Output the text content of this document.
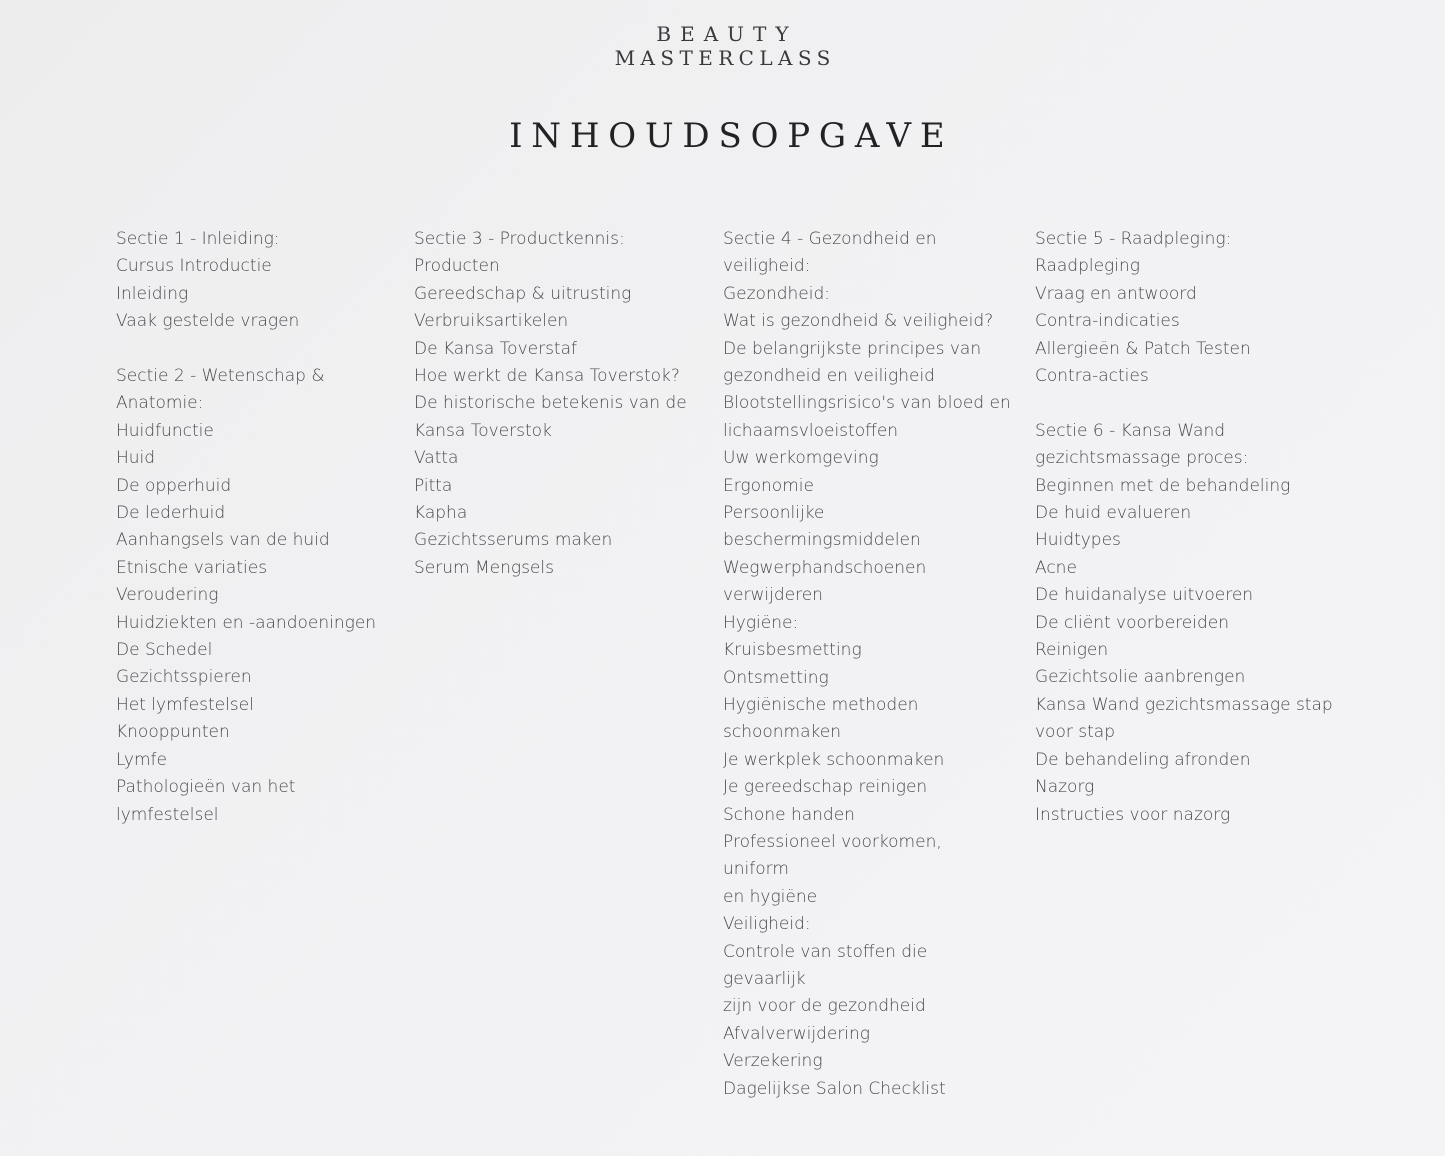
BEAUTY
MASTERCLASS
INHOUDSOPGAVE
Sectie 1 - Inleiding:
Cursus Introductie
Inleiding
Vaak gestelde vragen
Sectie 2 - Wetenschap &
Anatomie:
Huidfunctie
Huid
De opperhuid
De lederhuid
Aanhangsels van de huid
Etnische variaties
Veroudering
Huidziekten en -aandoeningen
De Schedel
Gezichtsspieren
Het lymfestelsel
Knooppunten
Lymfe
Pathologieën van het lymfestelsel
Sectie 3 - Productkennis:
Producten
Gereedschap & uitrusting
Verbruiksartikelen
De Kansa Toverstaf
Hoe werkt de Kansa Toverstok?
De historische betekenis van de
Kansa Toverstok
Vatta
Pitta
Kapha
Gezichtsserums maken
Serum Mengsels
Sectie 4 - Gezondheid en
veiligheid:
Gezondheid:
Wat is gezondheid & veiligheid?
De belangrijkste principes van
gezondheid en veiligheid
Blootstellingsrisico's van bloed en
lichaamsvloeistoffen
Uw werkomgeving
Ergonomie
Persoonlijke
beschermingsmiddelen
Wegwerphandschoenen
verwijderen
Hygiëne:
Kruisbesmetting
Ontsmetting
Hygiënische methoden
schoonmaken
Je werkplek schoonmaken
Je gereedschap reinigen
Schone handen
Professioneel voorkomen, uniform
en hygiëne
Veiligheid:
Controle van stoffen die gevaarlijk
zijn voor de gezondheid
Afvalverwijdering
Verzekering
Dagelijkse Salon Checklist
Sectie 5 - Raadpleging:
Raadpleging
Vraag en antwoord
Contra-indicaties
Allergieën & Patch Testen
Contra-acties
Sectie 6 - Kansa Wand
gezichtsmassage proces:
Beginnen met de behandeling
De huid evalueren
Huidtypes
Acne
De huidanalyse uitvoeren
De cliënt voorbereiden
Reinigen
Gezichtsolie aanbrengen
Kansa Wand gezichtsmassage stap
voor stap
De behandeling afronden
Nazorg
Instructies voor nazorg
